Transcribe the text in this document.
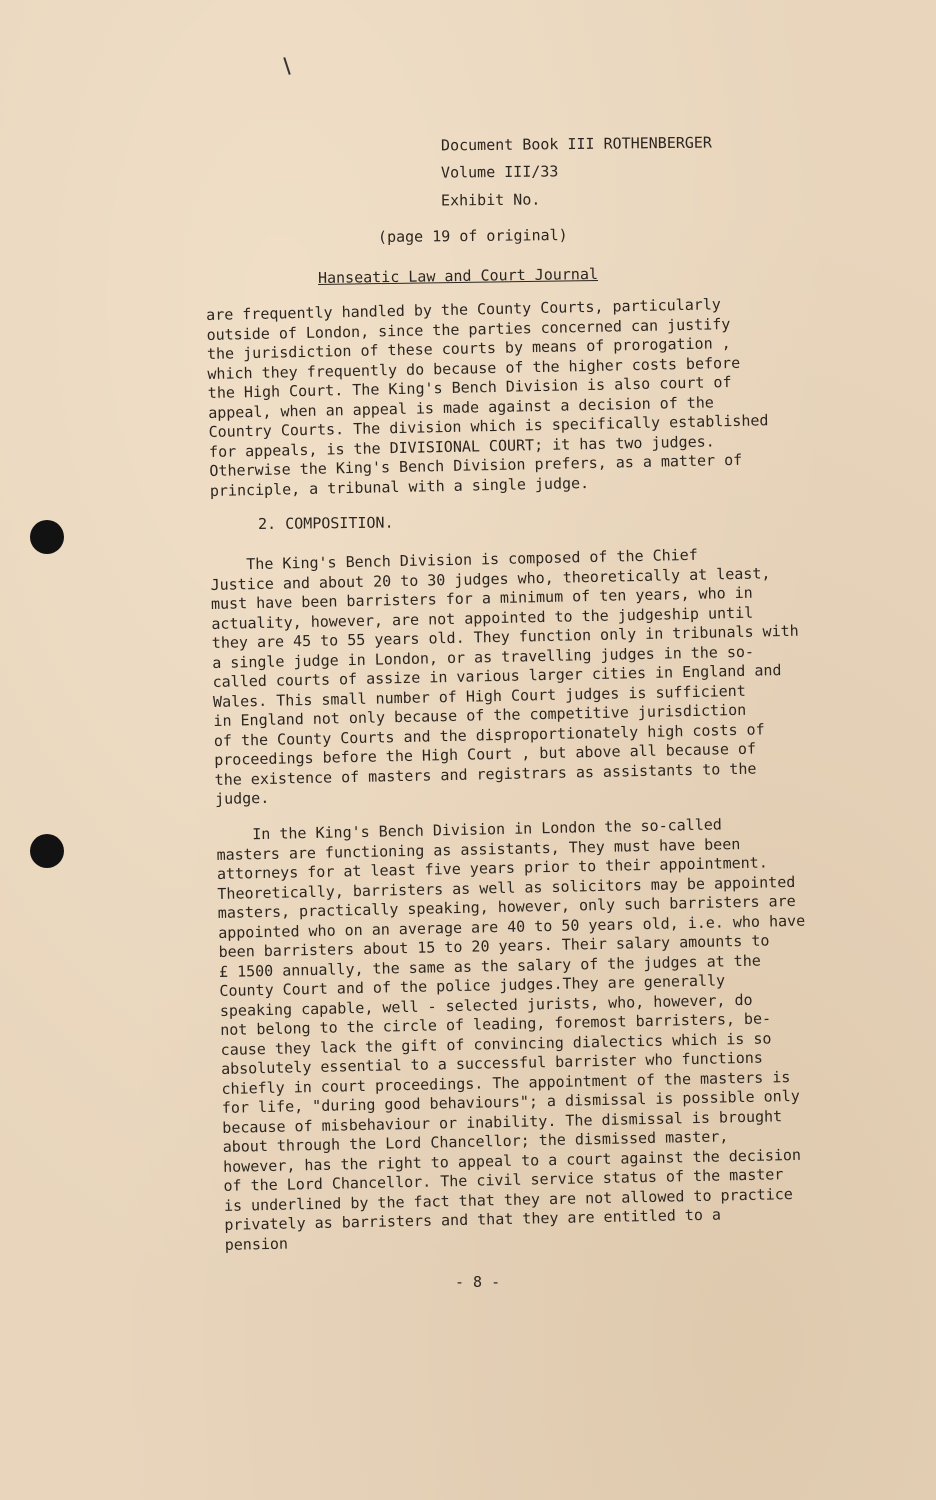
Document Book III ROTHENBERGER
Volume III/33
Exhibit No.
(page 19 of original)
Hanseatic Law and Court Journal
are frequently handled by the County Courts, particularly
outside of London, since the parties concerned can justify
the jurisdiction of these courts by means of prorogation ,
which they frequently do because of the higher costs before
the High Court. The King's Bench Division is also court of
appeal, when an appeal is made against a decision of the
Country Courts. The division which is specifically established
for appeals, is the DIVISIONAL COURT; it has two judges.
Otherwise the King's Bench Division prefers, as a matter of
principle, a tribunal with a single judge.
2. COMPOSITION.
The King's Bench Division is composed of the Chief
Justice and about 20 to 30 judges who, theoretically at least,
must have been barristers for a minimum of ten years, who in
actuality, however, are not appointed to the judgeship until
they are 45 to 55 years old. They function only in tribunals with
a single judge in London, or as travelling judges in the so-
called courts of assize in various larger cities in England and
Wales. This small number of High Court judges is sufficient
in England not only because of the competitive jurisdiction
of the County Courts and the disproportionately high costs of
proceedings before the High Court , but above all because of
the existence of masters and registrars as assistants to the
judge.
In the King's Bench Division in London the so-called
masters are functioning as assistants, They must have been
attorneys for at least five years prior to their appointment.
Theoretically, barristers as well as solicitors may be appointed
masters, practically speaking, however, only such barristers are
appointed who on an average are 40 to 50 years old, i.e. who have
been barristers about 15 to 20 years. Their salary amounts to
£ 1500 annually, the same as the salary of the judges at the
County Court and of the police judges.They are generally
speaking capable, well - selected jurists, who, however, do
not belong to the circle of leading, foremost barristers, be-
cause they lack the gift of convincing dialectics which is so
absolutely essential to a successful barrister who functions
chiefly in court proceedings. The appointment of the masters is
for life, "during good behaviours"; a dismissal is possible only
because of misbehaviour or inability. The dismissal is brought
about through the Lord Chancellor; the dismissed master,
however, has the right to appeal to a court against the decision
of the Lord Chancellor. The civil service status of the master
is underlined by the fact that they are not allowed to practice
privately as barristers and that they are entitled to a
pension
- 8 -
